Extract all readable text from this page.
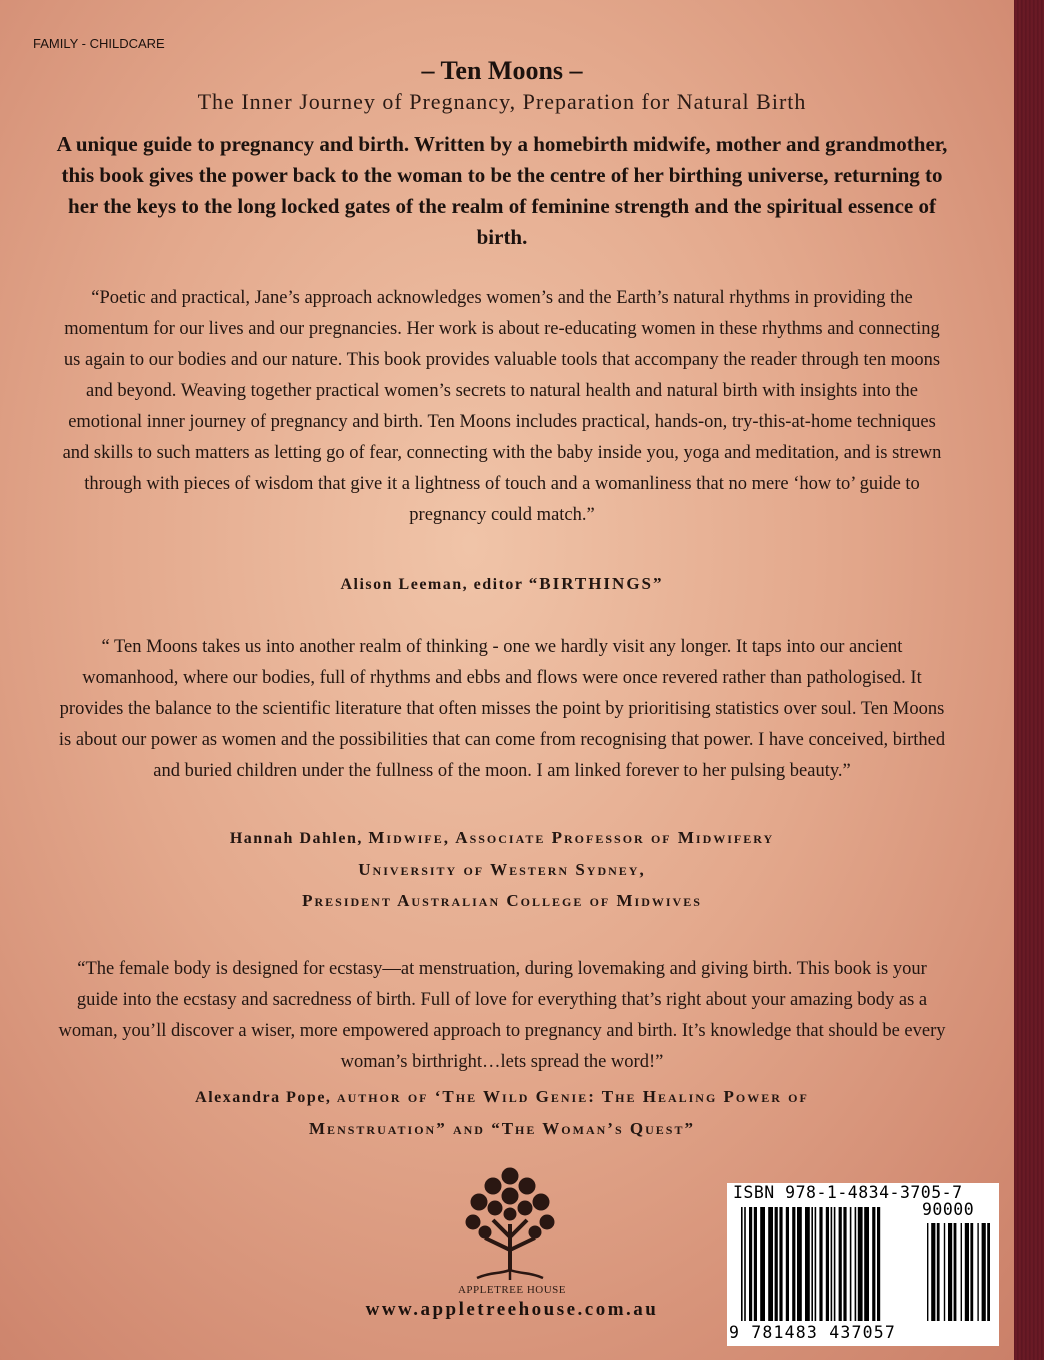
FAMILY - CHILDCARE
– Ten Moons –
The Inner Journey of Pregnancy, Preparation for Natural Birth
A unique guide to pregnancy and birth. Written by a homebirth midwife, mother and grandmother, this book gives the power back to the woman to be the centre of her birthing universe, returning to her the keys to the long locked gates of the realm of feminine strength and the spiritual essence of birth.
“Poetic and practical, Jane’s approach acknowledges women’s and the Earth’s natural rhythms in providing the momentum for our lives and our pregnancies. Her work is about re-educating women in these rhythms and connecting us again to our bodies and our nature. This book provides valuable tools that accompany the reader through ten moons and beyond. Weaving together practical women’s secrets to natural health and natural birth with insights into the emotional inner journey of pregnancy and birth. Ten Moons includes practical, hands-on, try-this-at-home techniques and skills to such matters as letting go of fear, connecting with the baby inside you, yoga and meditation, and is strewn through with pieces of wisdom that give it a lightness of touch and a womanliness that no mere ‘how to’ guide to pregnancy could match.”
Alison Leeman, editor “BIRTHINGS”
“ Ten Moons takes us into another realm of thinking - one we hardly visit any longer. It taps into our ancient womanhood, where our bodies, full of rhythms and ebbs and flows were once revered rather than pathologised. It provides the balance to the scientific literature that often misses the point by prioritising statistics over soul. Ten Moons is about our power as women and the possibilities that can come from recognising that power. I have conceived, birthed and buried children under the fullness of the moon. I am linked forever to her pulsing beauty.”
Hannah Dahlen, Midwife, Associate Professor of Midwifery
University of Western Sydney,
President Australian College of Midwives
“The female body is designed for ecstasy—at menstruation, during lovemaking and giving birth. This book is your guide into the ecstasy and sacredness of birth. Full of love for everything that’s right about your amazing body as a woman, you’ll discover a wiser, more empowered approach to pregnancy and birth. It’s knowledge that should be every woman’s birthright…lets spread the word!”
Alexandra Pope, author of ‘The Wild Genie: The Healing Power of
Menstruation” and “The Woman’s Quest”
APPLETREE HOUSE
www.appletreehouse.com.au
ISBN 978-1-4834-3705-7
90000
9 781483 437057
